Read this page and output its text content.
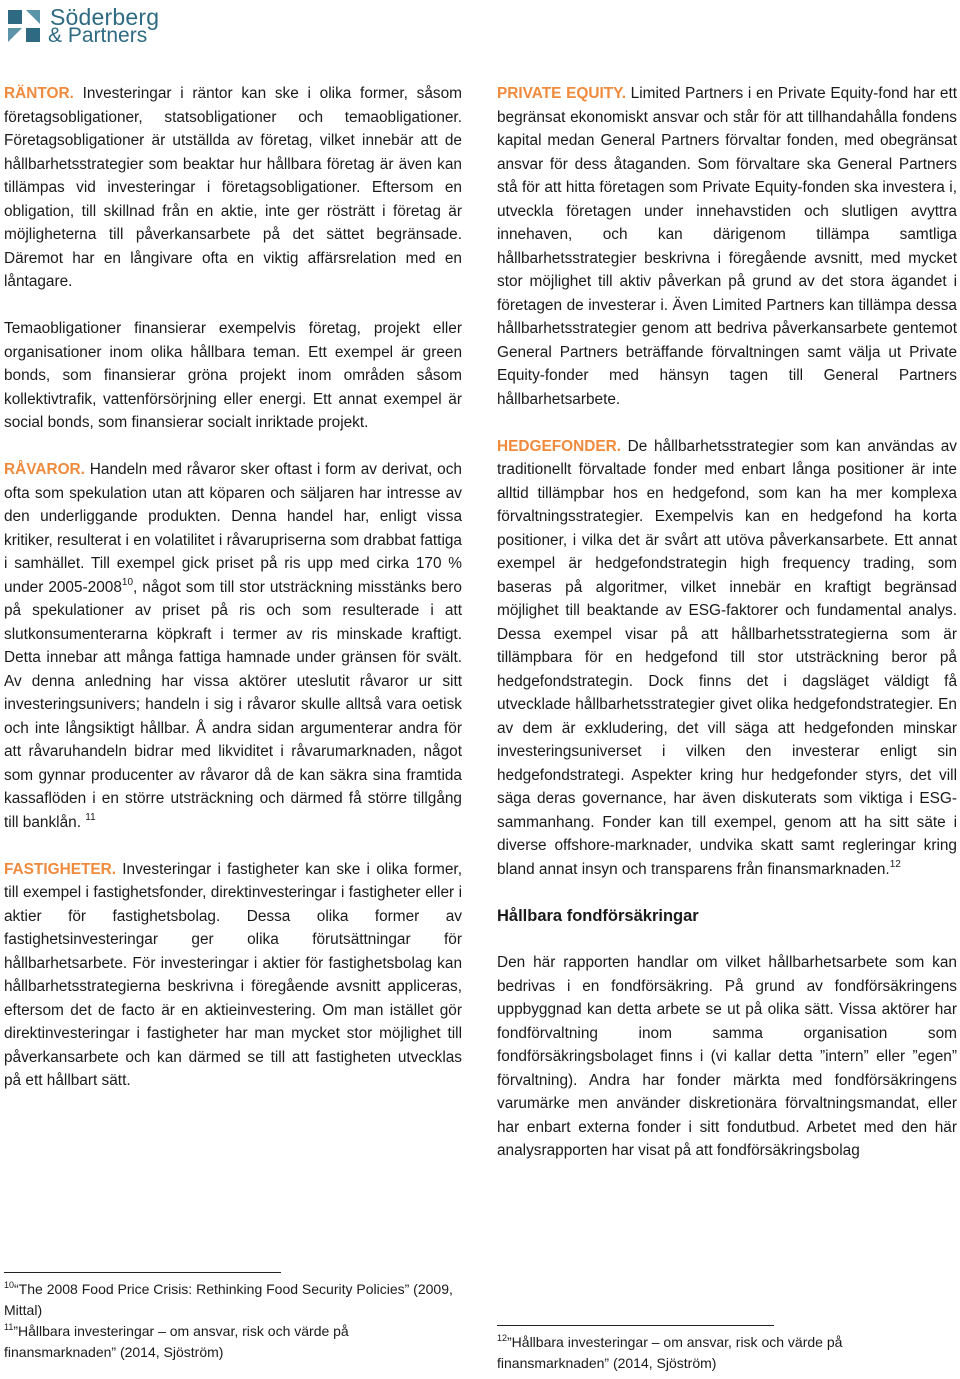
Söderberg
& Partners

RÄNTOR. Investeringar i räntor kan ske i olika former, såsom företagsobligationer, statsobligationer och temaobligationer. Företagsobligationer är utställda av företag, vilket innebär att de hållbarhetsstrategier som beaktar hur hållbara företag är även kan tillämpas vid investeringar i företagsobligationer. Eftersom en obligation, till skillnad från en aktie, inte ger rösträtt i företag är möjligheterna till påverkansarbete på det sättet begränsade. Däremot har en långivare ofta en viktig affärsrelation med en låntagare.

Temaobligationer finansierar exempelvis företag, projekt eller organisationer inom olika hållbara teman. Ett exempel är green bonds, som finansierar gröna projekt inom områden såsom kollektivtrafik, vattenförsörjning eller energi. Ett annat exempel är social bonds, som finansierar socialt inriktade projekt.

RÅVAROR. Handeln med råvaror sker oftast i form av derivat, och ofta som spekulation utan att köparen och säljaren har intresse av den underliggande produkten. Denna handel har, enligt vissa kritiker, resulterat i en volatilitet i råvarupriserna som drabbat fattiga i samhället. Till exempel gick priset på ris upp med cirka 170 % under 2005-2008$^{10}$, något som till stor utsträckning misstänks bero på spekulationer av priset på ris och som resulterade i att slutkonsumenterarna köpkraft i termer av ris minskade kraftigt. Detta innebar att många fattiga hamnade under gränsen för svält. Av denna anledning har vissa aktörer uteslutit råvaror ur sitt investeringsunivers; handeln i sig i råvaror skulle alltså vara oetisk och inte långsiktigt hållbar. Å andra sidan argumenterar andra för att råvaruhandeln bidrar med likviditet i råvarumarknaden, något som gynnar producenter av råvaror då de kan säkra sina framtida kassaflöden i en större utsträckning och därmed få större tillgång till banklån. $^{11}$

FASTIGHETER. Investeringar i fastigheter kan ske i olika former, till exempel i fastighetsfonder, direktinvesteringar i fastigheter eller i aktier för fastighetsbolag. Dessa olika former av fastighetsinvesteringar ger olika förutsättningar för hållbarhetsarbete. För investeringar i aktier för fastighetsbolag kan hållbarhetsstrategierna beskrivna i föregående avsnitt appliceras, eftersom det de facto är en aktieinvestering. Om man istället gör direktinvesteringar i fastigheter har man mycket stor möjlighet till påverkansarbete och kan därmed se till att fastigheten utvecklas på ett hållbart sätt.

PRIVATE EQUITY. Limited Partners i en Private Equity-fond har ett begränsat ekonomiskt ansvar och står för att tillhandahålla fondens kapital medan General Partners förvaltar fonden, med obegränsat ansvar för dess åtaganden. Som förvaltare ska General Partners stå för att hitta företagen som Private Equity-fonden ska investera i, utveckla företagen under innehavstiden och slutligen avyttra innehaven, och kan därigenom tillämpa samtliga hållbarhetsstrategier beskrivna i föregående avsnitt, med mycket stor möjlighet till aktiv påverkan på grund av det stora ägandet i företagen de investerar i. Även Limited Partners kan tillämpa dessa hållbarhetsstrategier genom att bedriva påverkansarbete gentemot General Partners beträffande förvaltningen samt välja ut Private Equity-fonder med hänsyn tagen till General Partners hållbarhetsarbete.

HEDGEFONDER. De hållbarhetsstrategier som kan användas av traditionellt förvaltade fonder med enbart långa positioner är inte alltid tillämpbar hos en hedgefond, som kan ha mer komplexa förvaltningsstrategier. Exempelvis kan en hedgefond ha korta positioner, i vilka det är svårt att utöva påverkansarbete. Ett annat exempel är hedgefondstrategin high frequency trading, som baseras på algoritmer, vilket innebär en kraftigt begränsad möjlighet till beaktande av ESG-faktorer och fundamental analys. Dessa exempel visar på att hållbarhetsstrategierna som är tillämpbara för en hedgefond till stor utsträckning beror på hedgefondstrategin. Dock finns det i dagsläget väldigt få utvecklade hållbarhetsstrategier givet olika hedgefondstrategier. En av dem är exkludering, det vill säga att hedgefonden minskar investeringsuniverset i vilken den investerar enligt sin hedgefondstrategi. Aspekter kring hur hedgefonder styrs, det vill säga deras governance, har även diskuterats som viktiga i ESG-sammanhang. Fonder kan till exempel, genom att ha sitt säte i diverse offshore-marknader, undvika skatt samt regleringar kring bland annat insyn och transparens från finansmarknaden.$^{12}$

Hållbara fondförsäkringar

Den här rapporten handlar om vilket hållbarhetsarbete som kan bedrivas i en fondförsäkring. På grund av fondförsäkringens uppbyggnad kan detta arbete se ut på olika sätt. Vissa aktörer har fondförvaltning inom samma organisation som fondförsäkringsbolaget finns i (vi kallar detta ”intern” eller ”egen” förvaltning). Andra har fonder märkta med fondförsäkringens varumärke men använder diskretionära förvaltningsmandat, eller har enbart externa fonder i sitt fondutbud. Arbetet med den här analysrapporten har visat på att fondförsäkringsbolag

$^{10}$“The 2008 Food Price Crisis: Rethinking Food Security Policies” (2009, Mittal)

$^{11}$”Hållbara investeringar – om ansvar, risk och värde på finansmarknaden” (2014, Sjöström)

$^{12}$”Hållbara investeringar – om ansvar, risk och värde på finansmarknaden” (2014, Sjöström)
